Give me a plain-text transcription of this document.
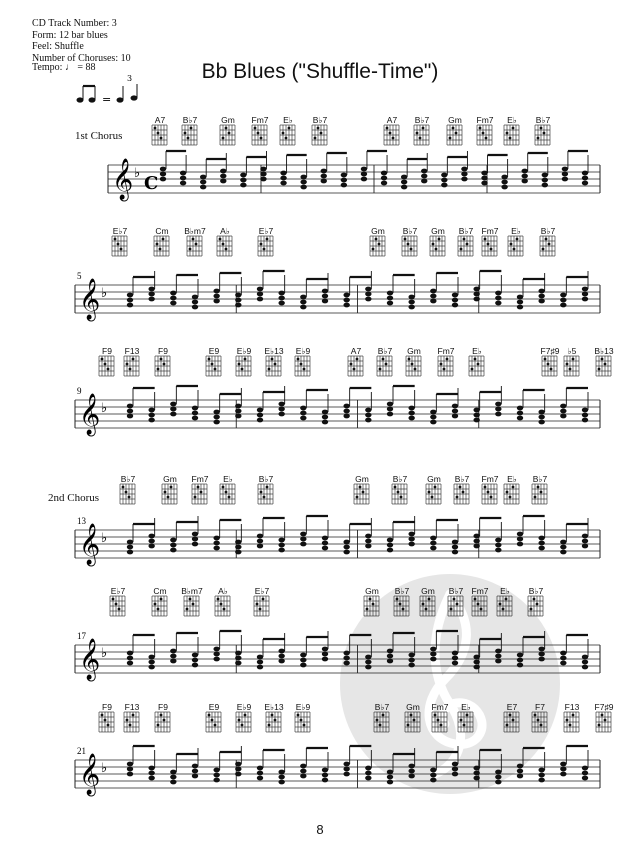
CD Track Number: 3
Form: 12 bar blues
Feel: Shuffle
Number of Choruses: 10
Tempo: ♩ = 88	Bb Blues ("Shuffle-Time")
1st Chorus
2nd Chorus
8
𝄞 ♭ C
𝄞 ♭
5
𝄞 ♭
9
𝄞 ♭
13
𝄞 ♭
17
𝄞 ♭
21
=
3
A7	B♭7	Gm	Fm7	E♭	B♭7	A7	B♭7	Gm	Fm7	E♭	B♭7
E♭7	Cm	B♭m7	A♭	E♭7	Gm	B♭7	Gm	B♭7 Fm7	E♭	B♭7
F9	F13	F9	E9	E♭9	E♭13	E♭9	A7	B♭7	Gm	Fm7	E♭	F7♯9 ♭5	B♭13
B♭7	Gm	Fm7	E♭	B♭7	Gm	B♭7	Gm	B♭7	Fm7	E♭	B♭7
E♭7	Cm	B♭m7	A♭	E♭7	Gm	B♭7	Gm	B♭7 Fm7	E♭	B♭7
F9	F13	F9	E9	E♭9	E♭13	E♭9	B♭7	Gm	Fm7	E♭	E7	F7	F13	F7♯9
